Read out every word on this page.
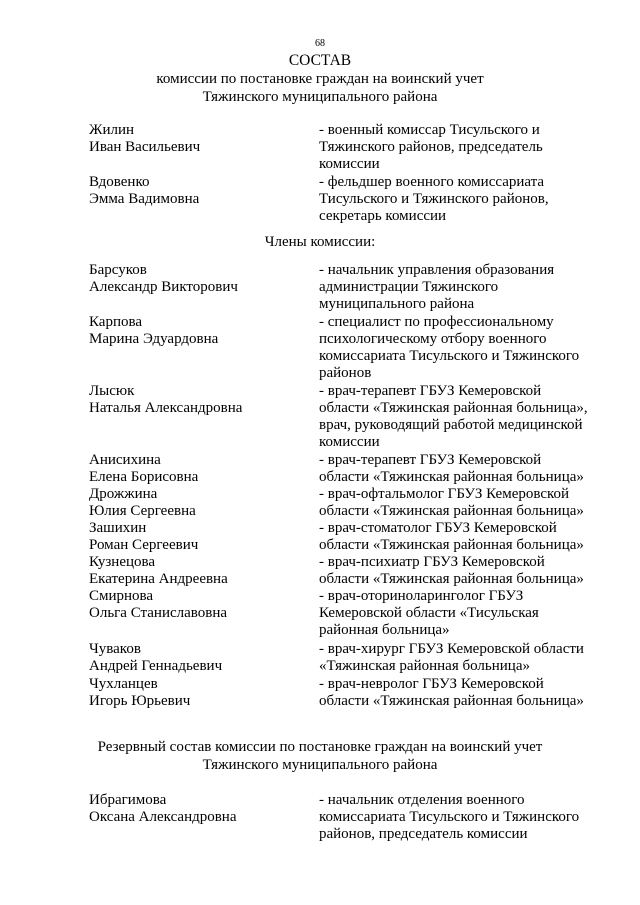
68
СОСТАВ
комиссии по постановке граждан на воинский учет
Тяжинского муниципального района
Жилин
Иван Васильевич
- военный комиссар Тисульского и
Тяжинского районов, председатель
комиссии
Вдовенко
Эмма Вадимовна
- фельдшер военного комиссариата
Тисульского и Тяжинского районов,
секретарь комиссии
Члены комиссии:
Барсуков
Александр Викторович
- начальник управления образования
администрации Тяжинского
муниципального района
Карпова
Марина Эдуардовна
- специалист по профессиональному
психологическому отбору военного
комиссариата Тисульского и Тяжинского
районов
Лысюк
Наталья Александровна
- врач-терапевт ГБУЗ Кемеровской
области «Тяжинская районная больница»,
врач, руководящий работой медицинской
комиссии
Анисихина
Елена Борисовна
- врач-терапевт ГБУЗ Кемеровской
области «Тяжинская районная больница»
Дрожжина
Юлия Сергеевна
- врач-офтальмолог ГБУЗ Кемеровской
области «Тяжинская районная больница»
Зашихин
Роман Сергеевич
- врач-стоматолог ГБУЗ Кемеровской
области «Тяжинская районная больница»
Кузнецова
Екатерина Андреевна
- врач-психиатр ГБУЗ Кемеровской
области «Тяжинская районная больница»
Смирнова
Ольга Станиславовна
- врач-оториноларинголог ГБУЗ
Кемеровской области «Тисульская
районная больница»
Чуваков
Андрей Геннадьевич
- врач-хирург ГБУЗ Кемеровской области
«Тяжинская районная больница»
Чухланцев
Игорь Юрьевич
- врач-невролог ГБУЗ Кемеровской
области «Тяжинская районная больница»
Резервный состав комиссии по постановке граждан на воинский учет
Тяжинского муниципального района
Ибрагимова
Оксана Александровна
- начальник отделения военного
комиссариата Тисульского и Тяжинского
районов, председатель комиссии
